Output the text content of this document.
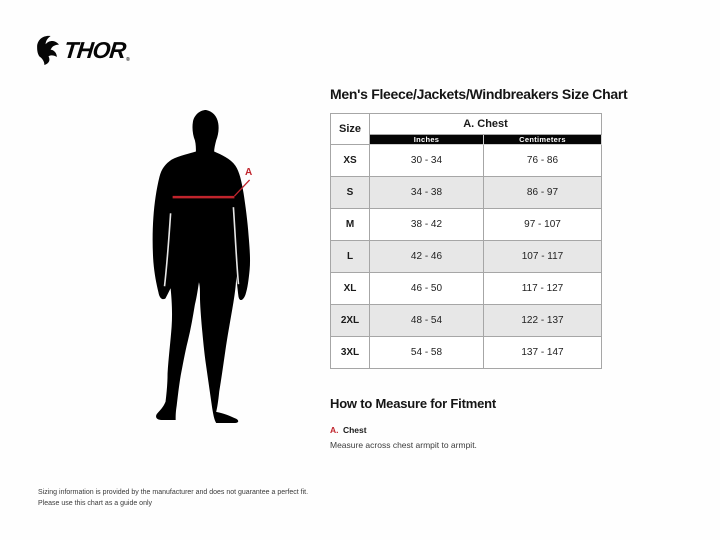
THOR ®
A
Men's Fleece/Jackets/Windbreakers Size Chart
Size	A. Chest	
	Inches	Centimeters
XS	30 - 34	76 - 86
S	34 - 38	86 - 97
M	38 - 42	97 - 107
L	42 - 46	107 - 117
XL	46 - 50	117 - 127
2XL	48 - 54	122 - 137
3XL	54 - 58	137 - 147
How to Measure for Fitment
A. Chest
Measure across chest armpit to armpit.
Sizing information is provided by the manufacturer and does not guarantee a perfect fit.
Please use this chart as a guide only
